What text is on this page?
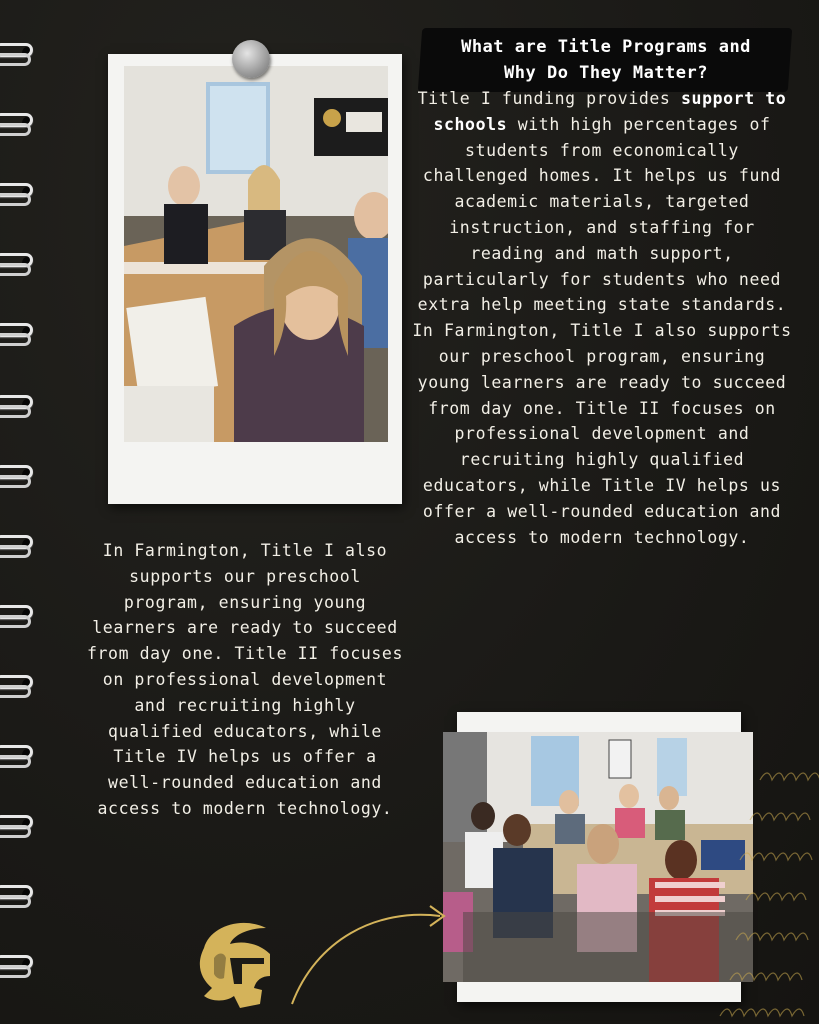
What are Title Programs and
Why Do They Matter?
Title I funding provides support to schools with high percentages of students from economically challenged homes. It helps us fund academic materials, targeted instruction, and staffing for reading and math support, particularly for students who need extra help meeting state standards.
In Farmington, Title I also supports our preschool program, ensuring young learners are ready to succeed from day one. Title II focuses on professional development and recruiting highly qualified educators, while Title IV helps us offer a well-rounded education and access to modern technology.
In Farmington, Title I also supports our preschool program, ensuring young learners are ready to succeed from day one. Title II focuses on professional development and recruiting highly qualified educators, while Title IV helps us offer a well-rounded education and access to modern technology.
